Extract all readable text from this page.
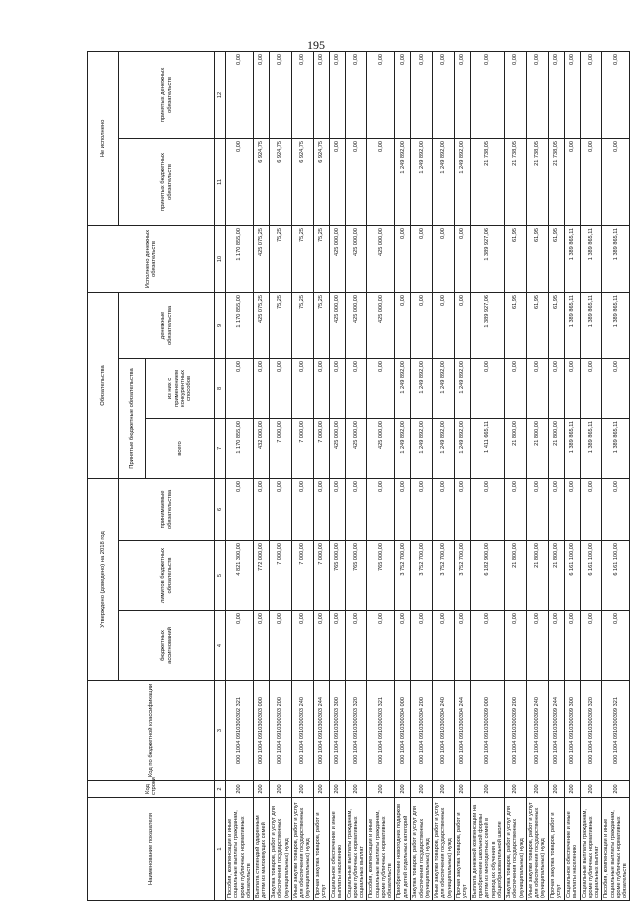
195
Наименование показателя	Код строки	Код по бюджетной классификации	Утверждено (доведено) на 2018 год			Обязательства			Исполнено денежных обязательств	Не исполнено	
			бюджетных ассигнований	лимитов бюджетных обязательств	принимаемые обязательства	Принятые бюджетные обязательства		денежные обязательства		принятых бюджетных обязательств	принятых денежных обязательств
						всего	из них с применением конкурентных способов				
1	2	3	4	5	6	7	8	9	10	11	12
Пособия, компенсации и иные социальные выплаты гражданам, кроме публичных нормативных обязательств	200	000 1004 0910300302 321	0,00	4 821 300,00	0,00	1 170 855,00	0,00	1 170 855,00	1 170 855,00	0,00	0,00
Выплата стипендий одаренным детям из малоимущих семей	200	000 1004 0910300303 000	0,00	772 000,00	0,00	432 000,00	0,00	425 075,25	425 075,25	6 924,75	0,00
Закупка товаров, работ и услуг для обеспечения государственных (муниципальных) нужд	200	000 1004 0910300303 200	0,00	7 000,00	0,00	7 000,00	0,00	75,25	75,25	6 924,75	0,00
Иные закупки товаров, работ и услуг для обеспечения государственных (муниципальных) нужд	200	000 1004 0910300303 240	0,00	7 000,00	0,00	7 000,00	0,00	75,25	75,25	6 924,75	0,00
Прочая закупка товаров, работ и услуг	200	000 1004 0910300303 244	0,00	7 000,00	0,00	7 000,00	0,00	75,25	75,25	6 924,75	0,00
Социальное обеспечение и иные выплаты населению	200	000 1004 0910300303 300	0,00	765 000,00	0,00	425 000,00	0,00	425 000,00	425 000,00	0,00	0,00
Социальные выплаты гражданам, кроме публичных нормативных социальных выплат	200	000 1004 0910300303 320	0,00	765 000,00	0,00	425 000,00	0,00	425 000,00	425 000,00	0,00	0,00
Пособия, компенсации и иные социальные выплаты гражданам, кроме публичных нормативных обязательств	200	000 1004 0910300303 321	0,00	765 000,00	0,00	425 000,00	0,00	425 000,00	425 000,00	0,00	0,00
Приобретение новогодних подарков для детей отдельных категорий	200	000 1004 0910300304 000	0,00	3 752 700,00	0,00	1 249 892,00	1 249 892,00	0,00	0,00	1 249 892,00	0,00
Закупка товаров, работ и услуг для обеспечения государственных (муниципальных) нужд	200	000 1004 0910300304 200	0,00	3 752 700,00	0,00	1 249 892,00	1 249 892,00	0,00	0,00	1 249 892,00	0,00
Иные закупки товаров, работ и услуг для обеспечения государственных (муниципальных) нужд	200	000 1004 0910300304 240	0,00	3 752 700,00	0,00	1 249 892,00	1 249 892,00	0,00	0,00	1 249 892,00	0,00
Прочая закупка товаров, работ и услуг	200	000 1004 0910300304 244	0,00	3 752 700,00	0,00	1 249 892,00	1 249 892,00	0,00	0,00	1 249 892,00	0,00
Выплата денежной компенсации на приобретение школьной формы детям из многодетных семей в период их обучения в общеобразовательной школе	200	000 1004 0910300309 000	0,00	6 182 900,00	0,00	1 411 665,11	0,00	1 389 927,06	1 389 927,06	21 738,05	0,00
Закупка товаров, работ и услуг для обеспечения государственных (муниципальных) нужд	200	000 1004 0910300309 200	0,00	21 800,00	0,00	21 800,00	0,00	61,95	61,95	21 738,05	0,00
Иные закупки товаров, работ и услуг для обеспечения государственных (муниципальных) нужд	200	000 1004 0910300309 240	0,00	21 800,00	0,00	21 800,00	0,00	61,95	61,95	21 738,05	0,00
Прочая закупка товаров, работ и услуг	200	000 1004 0910300309 244	0,00	21 800,00	0,00	21 800,00	0,00	61,95	61,95	21 738,05	0,00
Социальное обеспечение и иные выплаты населению	200	000 1004 0910300309 300	0,00	6 161 100,00	0,00	1 389 865,11	0,00	1 389 865,11	1 389 865,11	0,00	0,00
Социальные выплаты гражданам, кроме публичных нормативных социальных выплат	200	000 1004 0910300309 320	0,00	6 161 100,00	0,00	1 389 865,11	0,00	1 389 865,11	1 389 865,11	0,00	0,00
Пособия, компенсации и иные социальные выплаты гражданам, кроме публичных нормативных обязательств	200	000 1004 0910300309 321	0,00	6 161 100,00	0,00	1 389 865,11	0,00	1 389 865,11	1 389 865,11	0,00	0,00
